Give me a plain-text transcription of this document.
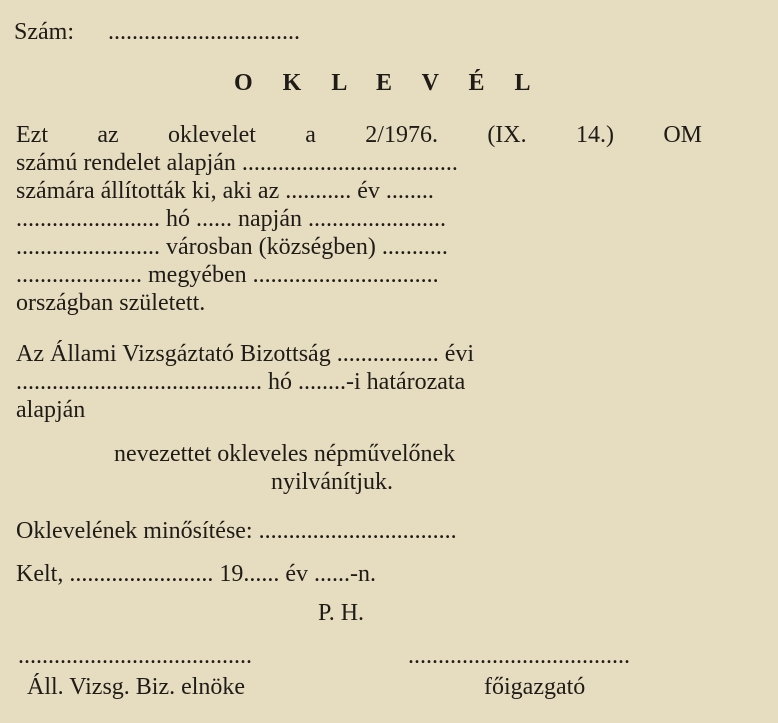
Szám: ................................
O K L E V É L
Ezt az oklevelet a 2/1976. (IX. 14.) OM
számú rendelet alapján ....................................
számára állították ki, aki az ........... év ........
........................ hó ...... napján .......................
........................ városban (községben) ...........
..................... megyében ...............................
országban született.
Az Állami Vizsgáztató Bizottság ................. évi
......................................... hó ........-i határozata
alapján
nevezettet okleveles népművelőnek
nyilvánítjuk.
Oklevelének minősítése: .................................
Kelt, ........................ 19...... év ......-n.
P. H.
.......................................	.....................................
Áll. Vizsg. Biz. elnöke	főigazgató
